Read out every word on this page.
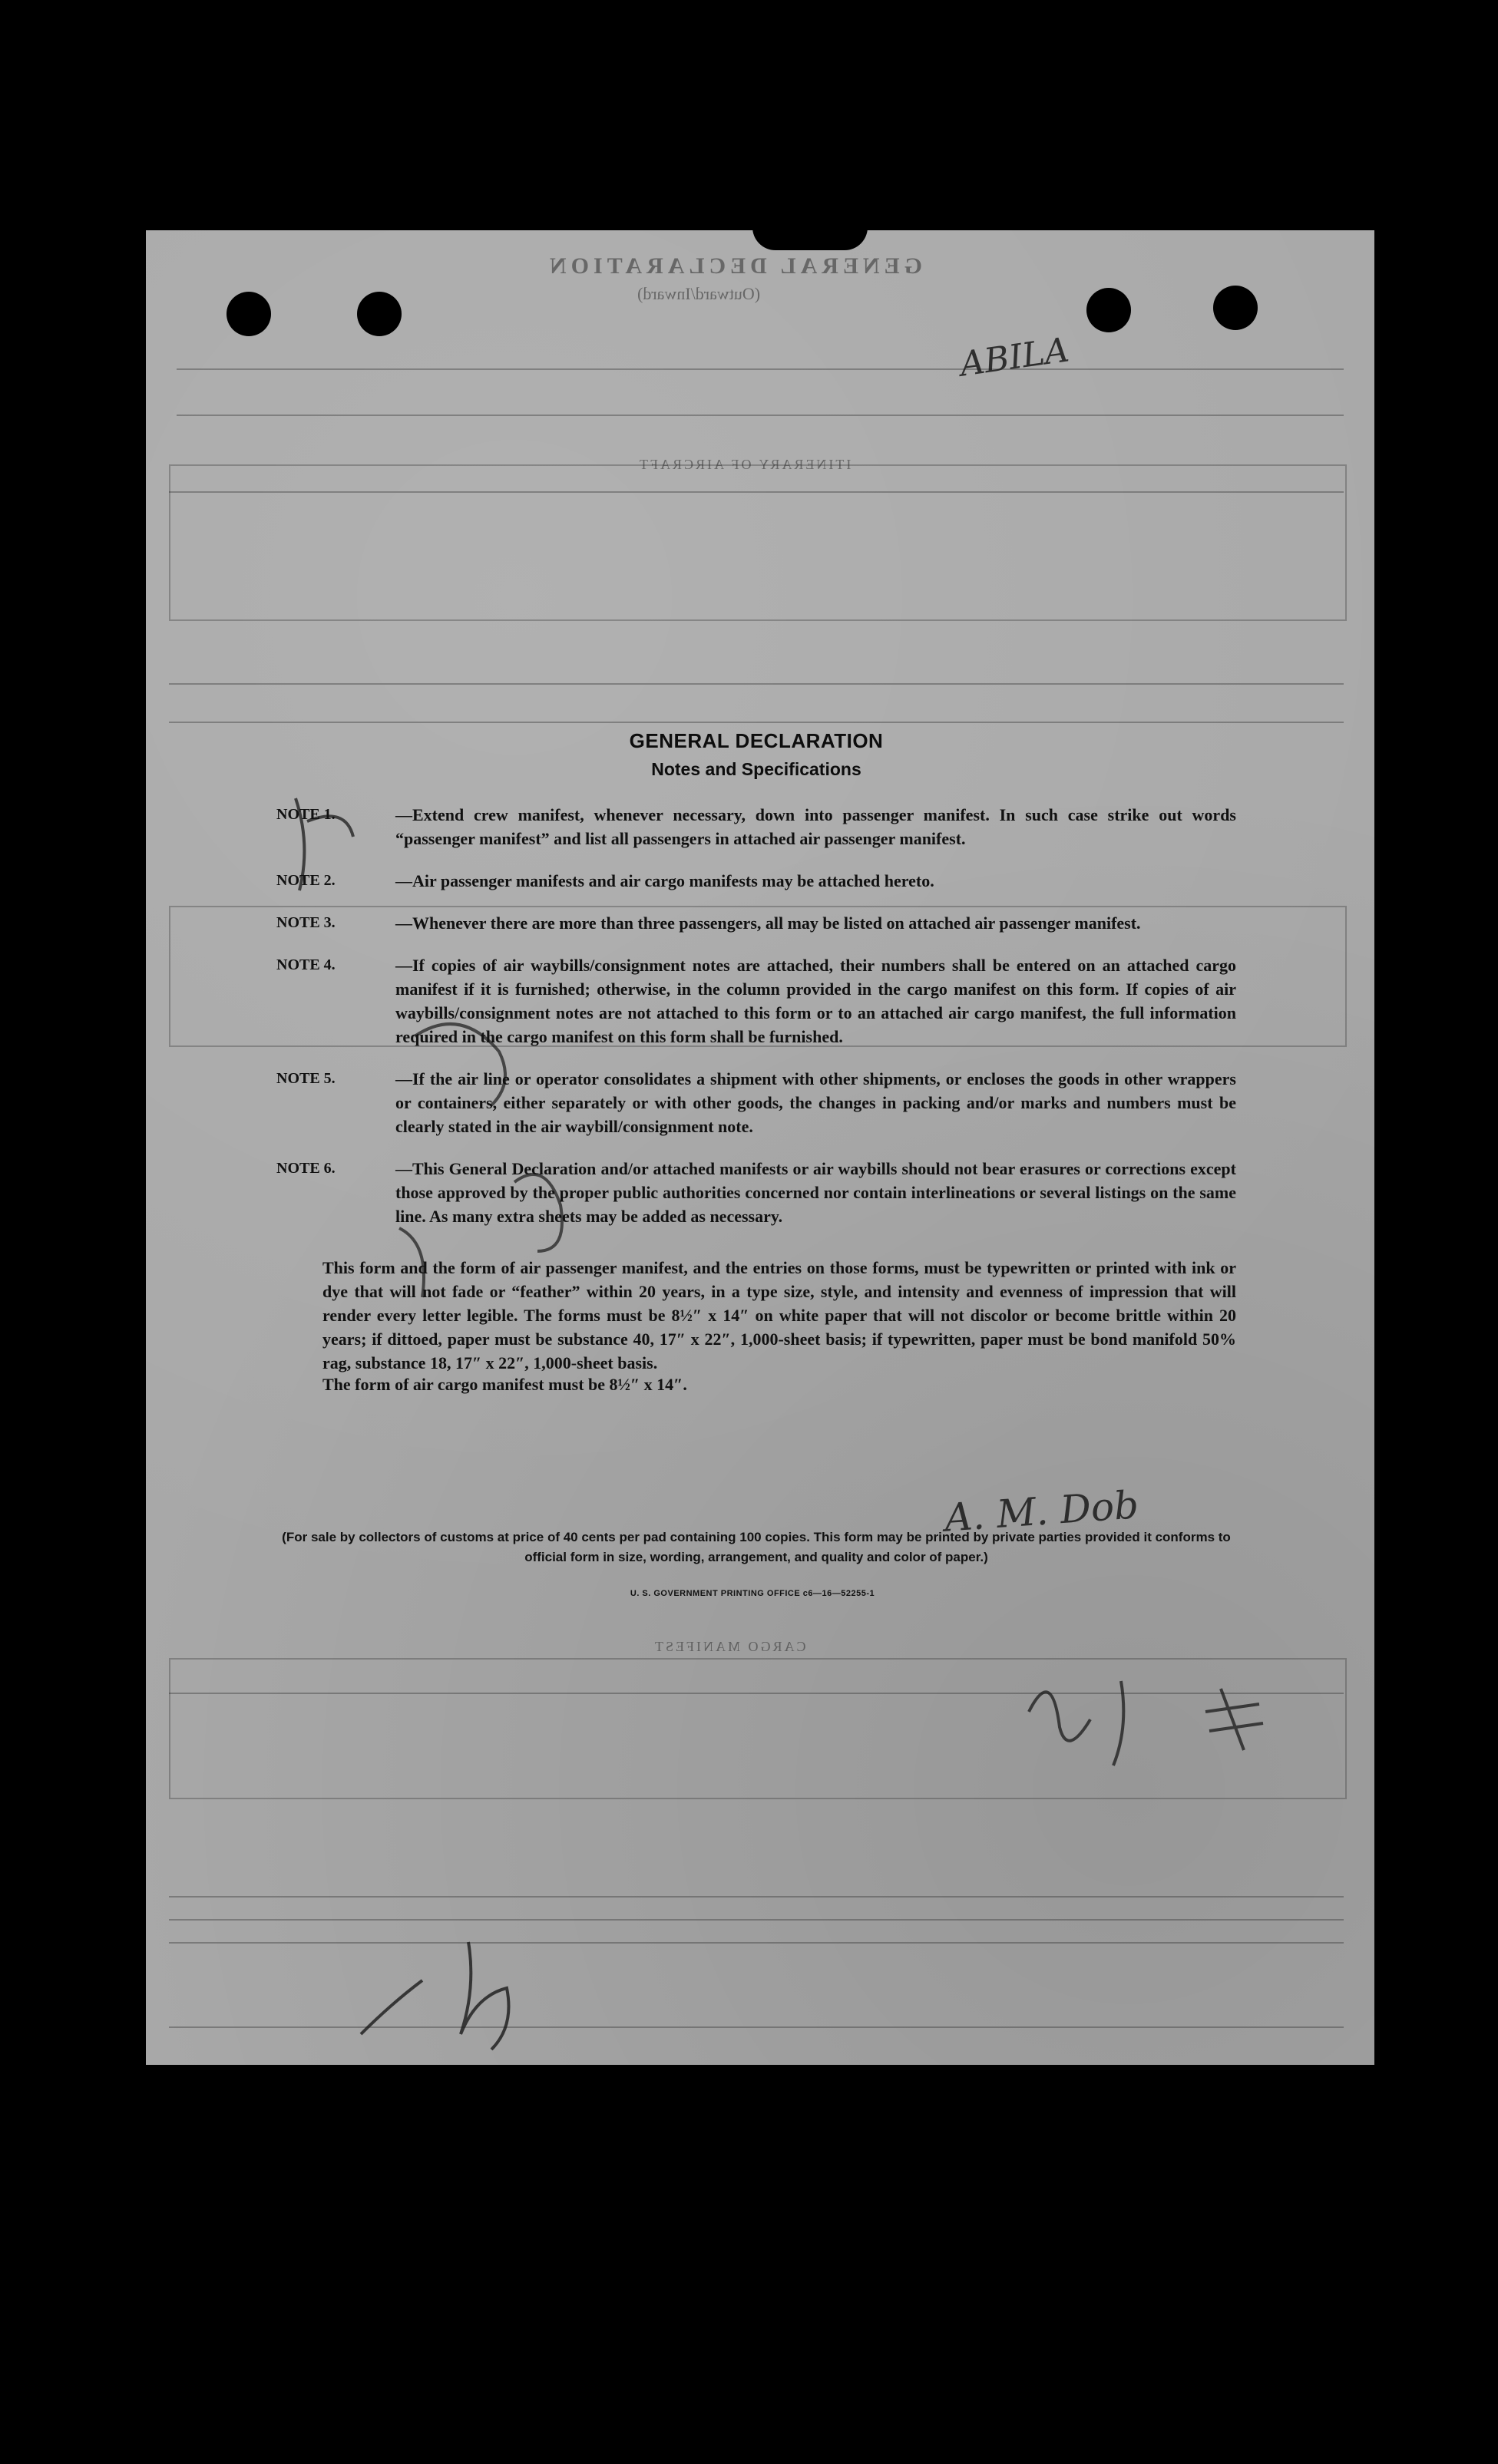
GENERAL DECLARATION
(Outward/Inward)
ITINERARY OF AIRCRAFT
CARGO MANIFEST
ABILA
A. M. Dob
GENERAL DECLARATION
Notes and Specifications
NOTE 1.	—Extend crew manifest, whenever necessary, down into passenger manifest. In such case strike out words “passenger manifest” and list all passengers in attached air passenger manifest.
NOTE 2.	—Air passenger manifests and air cargo manifests may be attached hereto.
NOTE 3.	—Whenever there are more than three passengers, all may be listed on attached air passenger manifest.
NOTE 4.	—If copies of air waybills/consignment notes are attached, their numbers shall be entered on an attached cargo manifest if it is furnished; otherwise, in the column provided in the cargo manifest on this form. If copies of air waybills/consignment notes are not attached to this form or to an attached air cargo manifest, the full information required in the cargo manifest on this form shall be furnished.
NOTE 5.	—If the air line or operator consolidates a shipment with other shipments, or encloses the goods in other wrappers or containers, either separately or with other goods, the changes in packing and/or marks and numbers must be clearly stated in the air waybill/consignment note.
NOTE 6.	—This General Declaration and/or attached manifests or air waybills should not bear erasures or corrections except those approved by the proper public authorities concerned nor contain interlineations or several listings on the same line. As many extra sheets may be added as necessary.
This form and the form of air passenger manifest, and the entries on those forms, must be typewritten or printed with ink or dye that will not fade or “feather” within 20 years, in a type size, style, and intensity and evenness of impression that will render every letter legible. The forms must be 8½″ x 14″ on white paper that will not discolor or become brittle within 20 years; if dittoed, paper must be substance 40, 17″ x 22″, 1,000-sheet basis; if typewritten, paper must be bond manifold 50% rag, substance 18, 17″ x 22″, 1,000-sheet basis.
The form of air cargo manifest must be 8½″ x 14″.
(For sale by collectors of customs at price of 40 cents per pad containing 100 copies. This form may be printed by private parties provided it conforms to official form in size, wording, arrangement, and quality and color of paper.)
U. S. GOVERNMENT PRINTING OFFICE c6—16—52255-1
